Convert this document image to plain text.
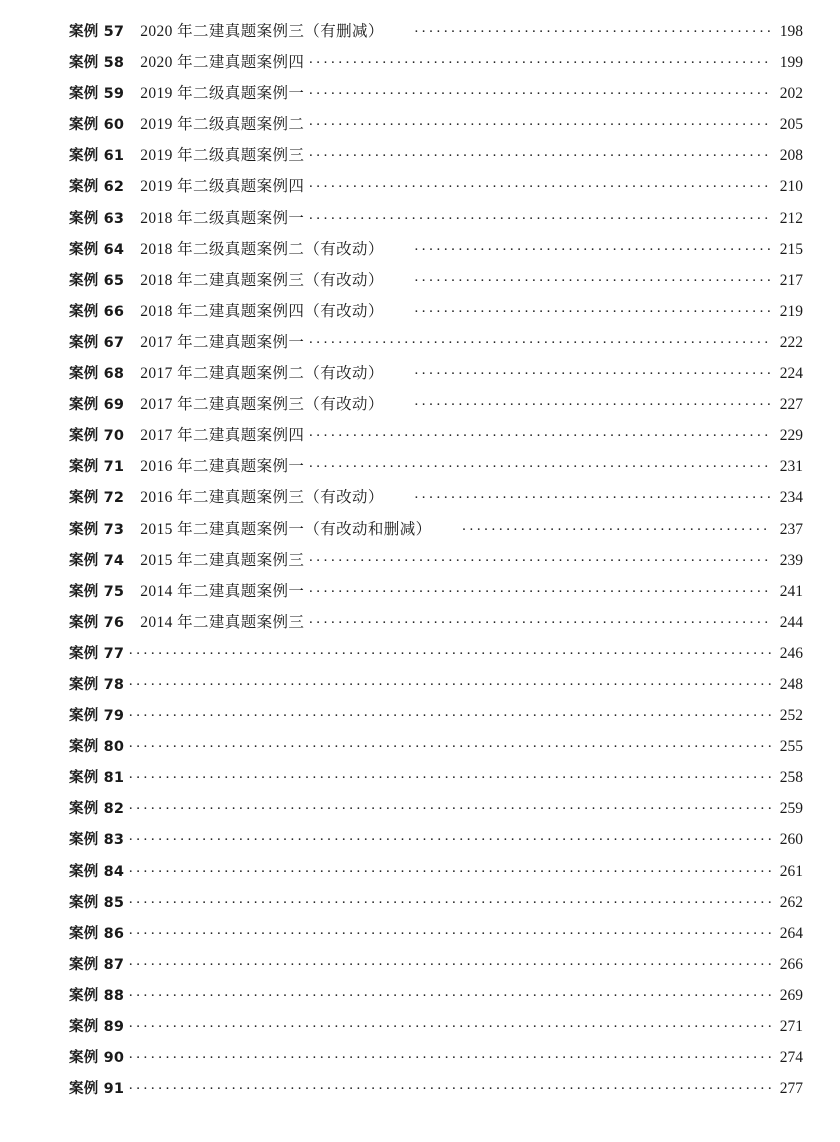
案例 57 2020 年二建真题案例三（有删减） ·····	198
案例 58 2020 年二建真题案例四 ·····	199
案例 59 2019 年二级真题案例一 ·····	202
案例 60 2019 年二级真题案例二 ·····	205
案例 61 2019 年二级真题案例三 ·····	208
案例 62 2019 年二级真题案例四 ·····	210
案例 63 2018 年二级真题案例一 ·····	212
案例 64 2018 年二级真题案例二（有改动） ·····	215
案例 65 2018 年二建真题案例三（有改动） ·····	217
案例 66 2018 年二建真题案例四（有改动） ·····	219
案例 67 2017 年二建真题案例一 ·····	222
案例 68 2017 年二建真题案例二（有改动） ·····	224
案例 69 2017 年二建真题案例三（有改动） ·····	227
案例 70 2017 年二建真题案例四 ·····	229
案例 71 2016 年二建真题案例一 ·····	231
案例 72 2016 年二建真题案例三（有改动） ·····	234
案例 73 2015 年二建真题案例一（有改动和删减） ·····	237
案例 74 2015 年二建真题案例三 ·····	239
案例 75 2014 年二建真题案例一 ·····	241
案例 76 2014 年二建真题案例三 ·····	244
案例 77 ·····	246
案例 78 ·····	248
案例 79 ·····	252
案例 80 ·····	255
案例 81 ·····	258
案例 82 ·····	259
案例 83 ·····	260
案例 84 ·····	261
案例 85 ·····	262
案例 86 ·····	264
案例 87 ·····	266
案例 88 ·····	269
案例 89 ·····	271
案例 90 ·····	274
案例 91 ·····	277
